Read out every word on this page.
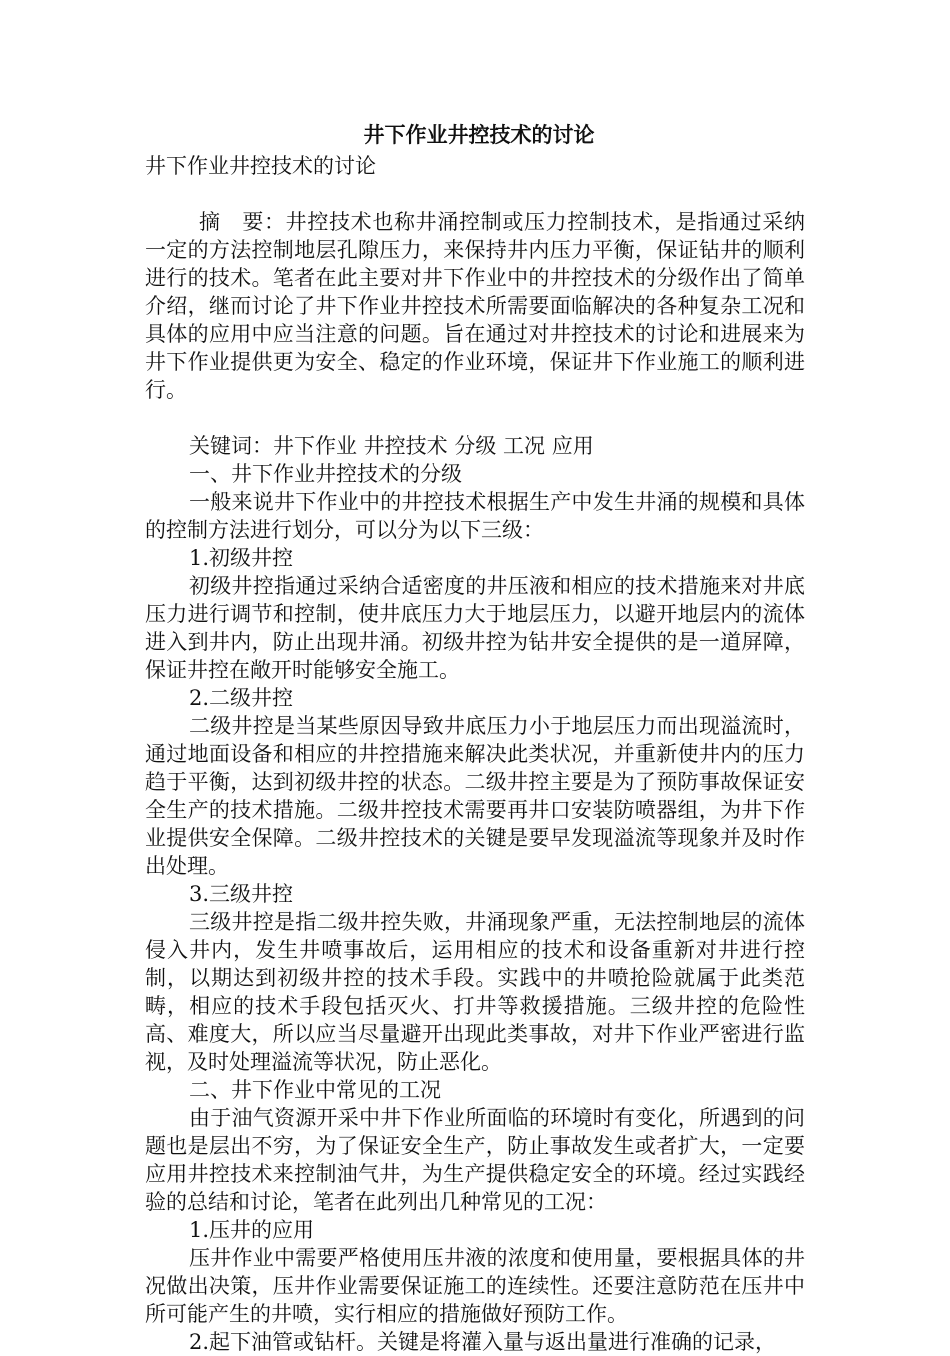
井下作业井控技术的讨论

井下作业井控技术的讨论

摘　要：井控技术也称井涌控制或压力控制技术，是指通过采纳一定的方法控制地层孔隙压力，来保持井内压力平衡，保证钻井的顺利进行的技术。笔者在此主要对井下作业中的井控技术的分级作出了简单介绍，继而讨论了井下作业井控技术所需要面临解决的各种复杂工况和具体的应用中应当注意的问题。旨在通过对井控技术的讨论和进展来为井下作业提供更为安全、稳定的作业环境，保证井下作业施工的顺利进行。

关键词：井下作业 井控技术 分级 工况 应用

一、井下作业井控技术的分级

一般来说井下作业中的井控技术根据生产中发生井涌的规模和具体的控制方法进行划分，可以分为以下三级：

1.初级井控

初级井控指通过采纳合适密度的井压液和相应的技术措施来对井底压力进行调节和控制，使井底压力大于地层压力，以避开地层内的流体进入到井内，防止出现井涌。初级井控为钻井安全提供的是一道屏障，保证井控在敞开时能够安全施工。

2.二级井控

二级井控是当某些原因导致井底压力小于地层压力而出现溢流时，通过地面设备和相应的井控措施来解决此类状况，并重新使井内的压力趋于平衡，达到初级井控的状态。二级井控主要是为了预防事故保证安全生产的技术措施。二级井控技术需要再井口安装防喷器组，为井下作业提供安全保障。二级井控技术的关键是要早发现溢流等现象并及时作出处理。

3.三级井控

三级井控是指二级井控失败，井涌现象严重，无法控制地层的流体侵入井内，发生井喷事故后，运用相应的技术和设备重新对井进行控制，以期达到初级井控的技术手段。实践中的井喷抢险就属于此类范畴，相应的技术手段包括灭火、打井等救援措施。三级井控的危险性高、难度大，所以应当尽量避开出现此类事故，对井下作业严密进行监视，及时处理溢流等状况，防止恶化。

二、井下作业中常见的工况

由于油气资源开采中井下作业所面临的环境时有变化，所遇到的问题也是层出不穷，为了保证安全生产，防止事故发生或者扩大，一定要应用井控技术来控制油气井，为生产提供稳定安全的环境。经过实践经验的总结和讨论，笔者在此列出几种常见的工况：

1.压井的应用

压井作业中需要严格使用压井液的浓度和使用量，要根据具体的井况做出决策，压井作业需要保证施工的连续性。还要注意防范在压井中所可能产生的井喷，实行相应的措施做好预防工作。

2.起下油管或钻杆。关键是将灌入量与返出量进行准确的记录，
